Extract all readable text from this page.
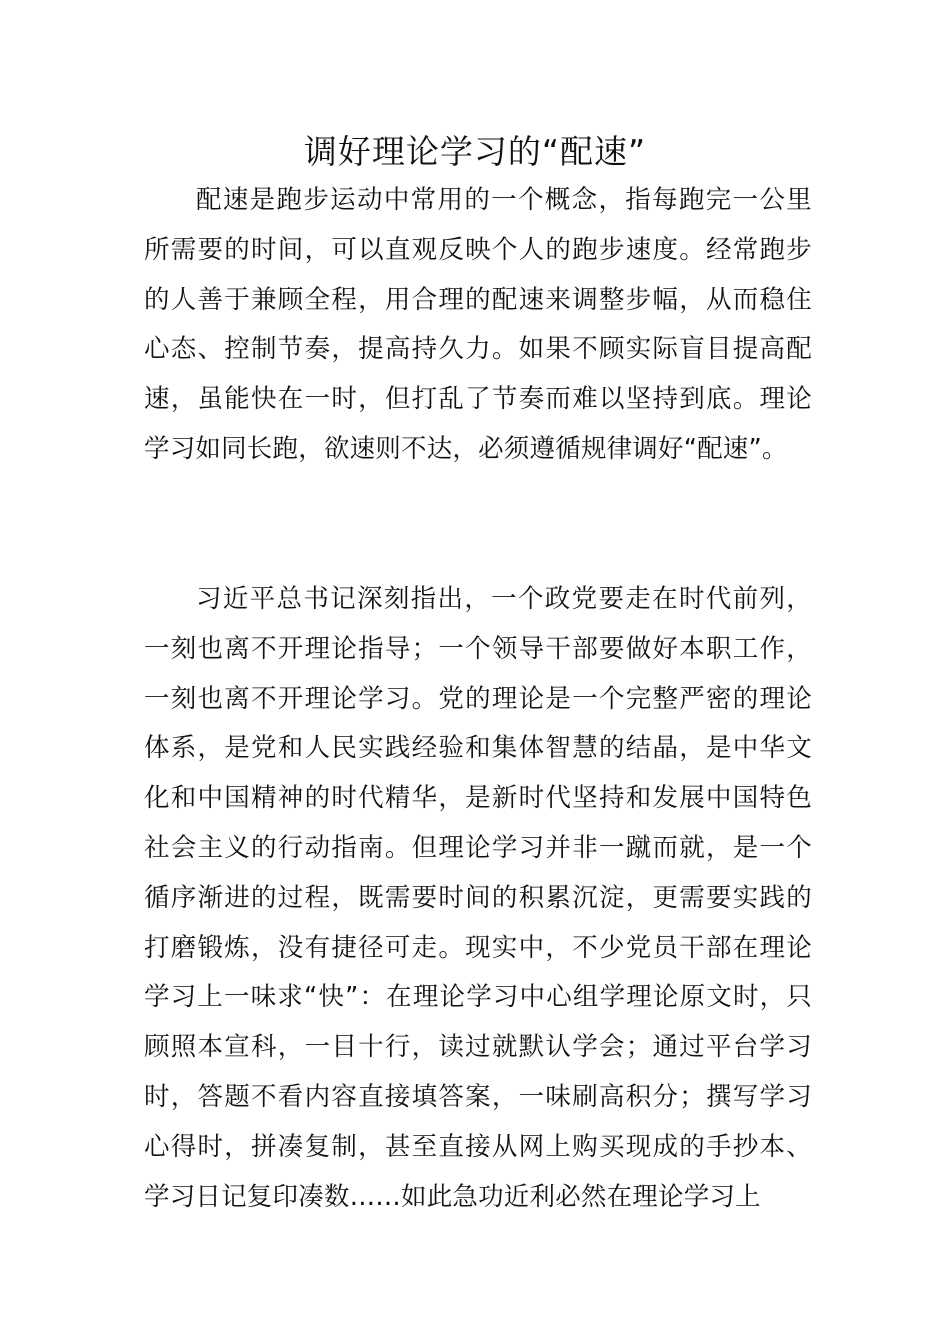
调好理论学习的“配速”

配速是跑步运动中常用的一个概念，指每跑完一公里所需要的时间，可以直观反映个人的跑步速度。经常跑步的人善于兼顾全程，用合理的配速来调整步幅，从而稳住心态、控制节奏，提高持久力。如果不顾实际盲目提高配速，虽能快在一时，但打乱了节奏而难以坚持到底。理论学习如同长跑，欲速则不达，必须遵循规律调好“配速”。

习近平总书记深刻指出，一个政党要走在时代前列，一刻也离不开理论指导；一个领导干部要做好本职工作，一刻也离不开理论学习。党的理论是一个完整严密的理论体系，是党和人民实践经验和集体智慧的结晶，是中华文化和中国精神的时代精华，是新时代坚持和发展中国特色社会主义的行动指南。但理论学习并非一蹴而就，是一个循序渐进的过程，既需要时间的积累沉淀，更需要实践的打磨锻炼，没有捷径可走。现实中，不少党员干部在理论学习上一味求“快”：在理论学习中心组学理论原文时，只顾照本宣科，一目十行，读过就默认学会；通过平台学习时，答题不看内容直接填答案，一味刷高积分；撰写学习心得时，拼凑复制，甚至直接从网上购买现成的手抄本、学习日记复印凑数……如此急功近利必然在理论学习上
